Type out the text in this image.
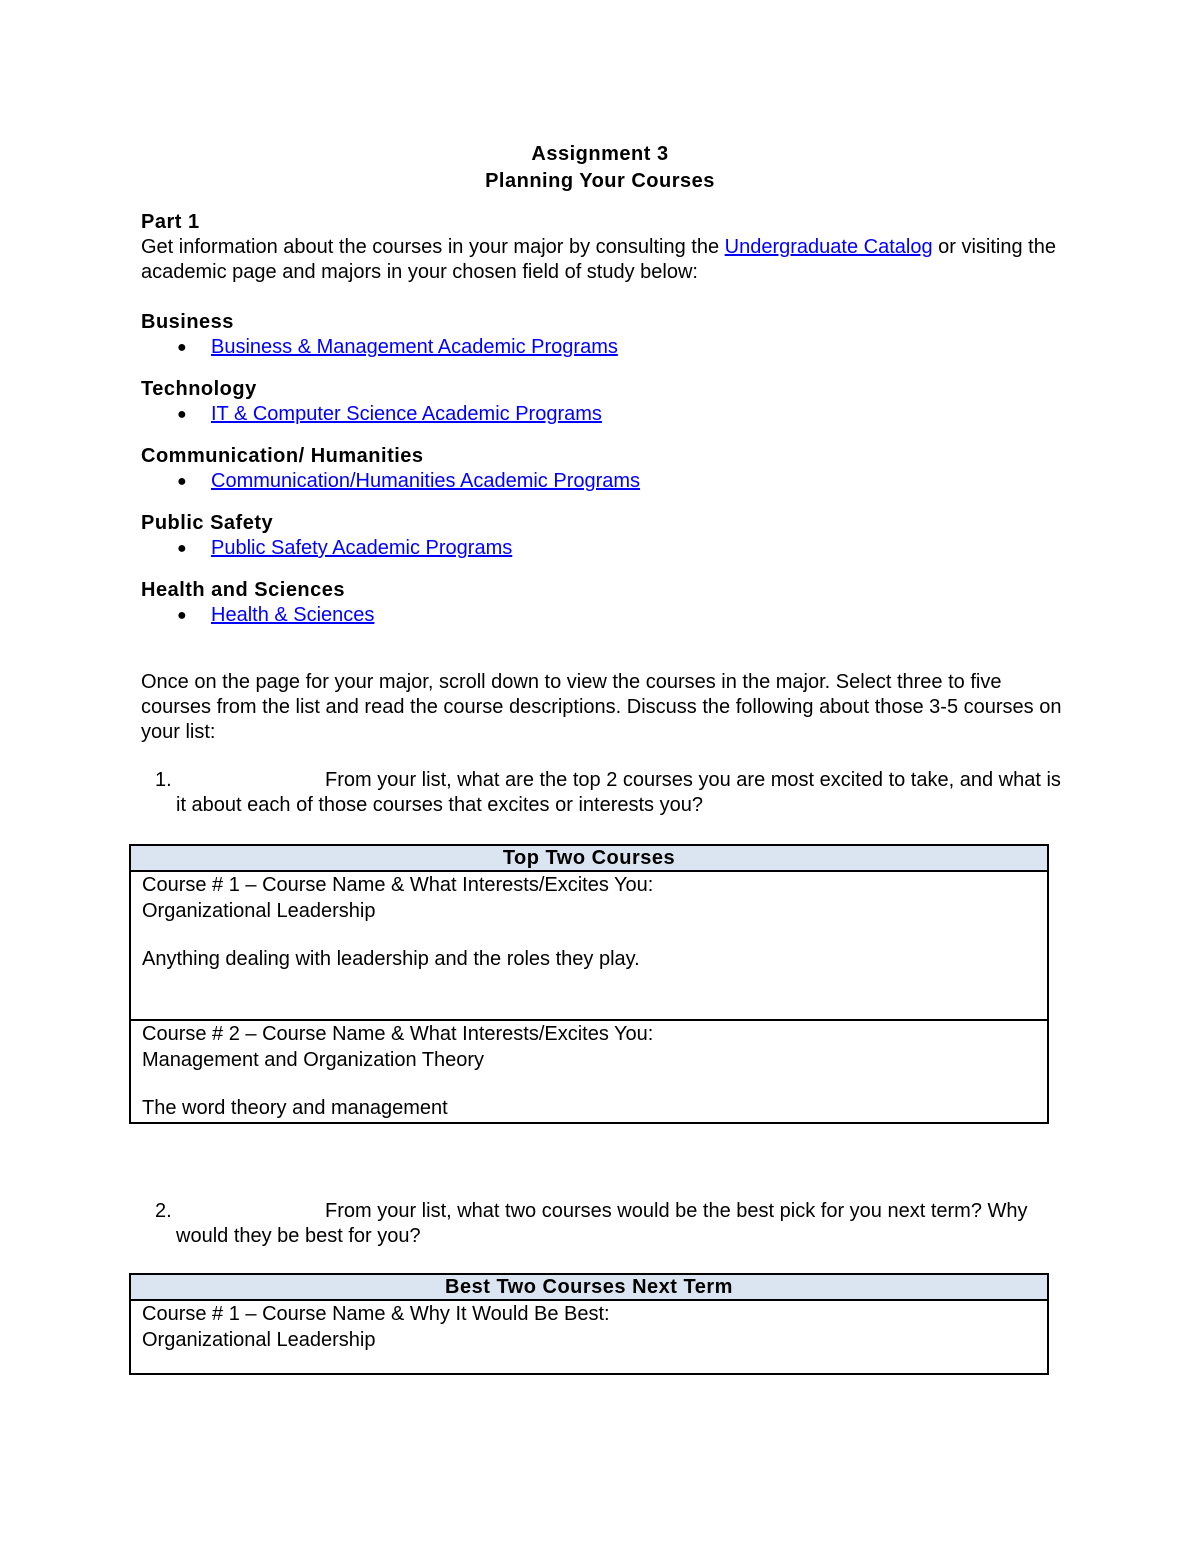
Assignment 3
Planning Your Courses

Part 1

Get information about the courses in your major by consulting the Undergraduate Catalog or visiting the academic page and majors in your chosen field of study below:

Business
● Business & Management Academic Programs
Technology
● IT & Computer Science Academic Programs
Communication/ Humanities
● Communication/Humanities Academic Programs
Public Safety
● Public Safety Academic Programs
Health and Sciences
● Health & Sciences

Once on the page for your major, scroll down to view the courses in the major. Select three to five courses from the list and read the course descriptions. Discuss the following about those 3-5 courses on your list:

1.	From your list, what are the top 2 courses you are most excited to take, and what is it about each of those courses that excites or interests you?
Top Two Courses

Course # 1 – Course Name & What Interests/Excites You:
Organizational Leadership
Anything dealing with leadership and the roles they play.

Course # 2 – Course Name & What Interests/Excites You:
Management and Organization Theory
The word theory and management
2.	From your list, what two courses would be the best pick for you next term? Why would they be best for you?
Best Two Courses Next Term

Course # 1 – Course Name & Why It Would Be Best:
Organizational Leadership
